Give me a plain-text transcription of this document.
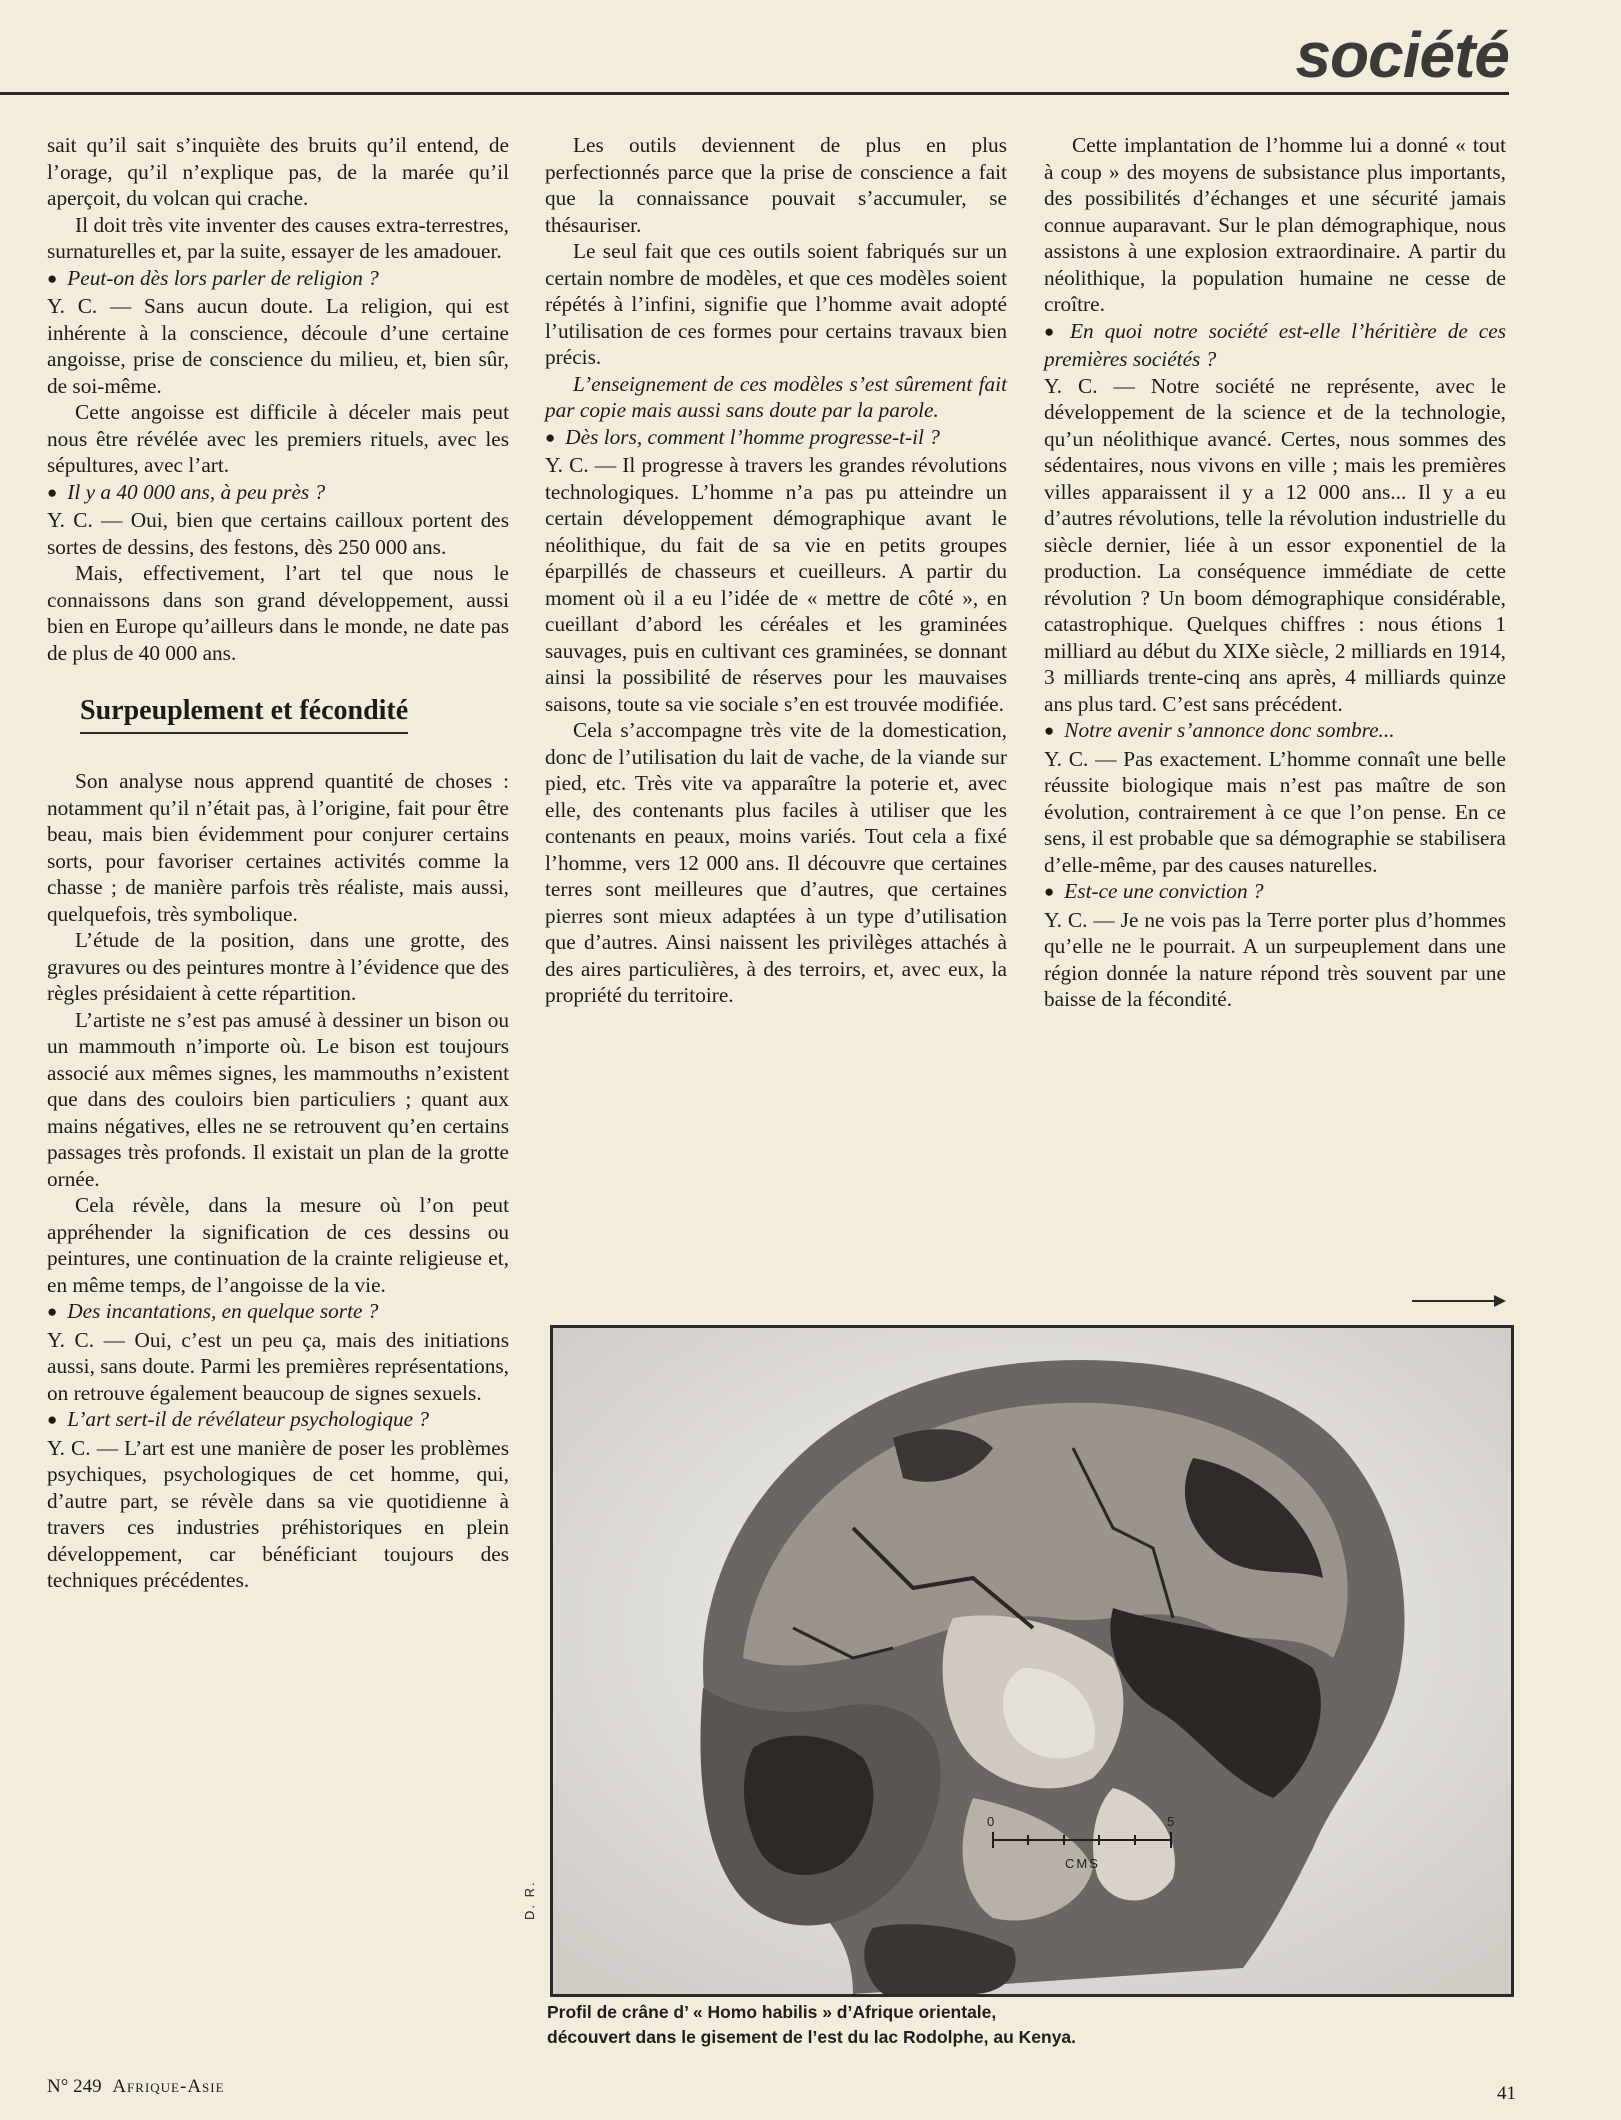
société

sait qu’il sait s’inquiète des bruits qu’il entend, de l’orage, qu’il n’explique pas, de la marée qu’il aperçoit, du volcan qui crache.

Il doit très vite inventer des causes extra-terrestres, surnaturelles et, par la suite, essayer de les amadouer.

● Peut-on dès lors parler de religion ?

Y. C. — Sans aucun doute. La religion, qui est inhérente à la conscience, découle d’une certaine angoisse, prise de conscience du milieu, et, bien sûr, de soi-même.

Cette angoisse est difficile à déceler mais peut nous être révélée avec les premiers rituels, avec les sépultures, avec l’art.

● Il y a 40 000 ans, à peu près ?

Y. C. — Oui, bien que certains cailloux portent des sortes de dessins, des festons, dès 250 000 ans.

Mais, effectivement, l’art tel que nous le connaissons dans son grand développement, aussi bien en Europe qu’ailleurs dans le monde, ne date pas de plus de 40 000 ans.

Surpeuplement et fécondité

Son analyse nous apprend quantité de choses : notamment qu’il n’était pas, à l’origine, fait pour être beau, mais bien évidemment pour conjurer certains sorts, pour favoriser certaines activités comme la chasse ; de manière parfois très réaliste, mais aussi, quelquefois, très symbolique.

L’étude de la position, dans une grotte, des gravures ou des peintures montre à l’évidence que des règles présidaient à cette répartition.

L’artiste ne s’est pas amusé à dessiner un bison ou un mammouth n’importe où. Le bison est toujours associé aux mêmes signes, les mammouths n’existent que dans des couloirs bien particuliers ; quant aux mains négatives, elles ne se retrouvent qu’en certains passages très profonds. Il existait un plan de la grotte ornée.

Cela révèle, dans la mesure où l’on peut appréhender la signification de ces dessins ou peintures, une continuation de la crainte religieuse et, en même temps, de l’angoisse de la vie.

● Des incantations, en quelque sorte ?

Y. C. — Oui, c’est un peu ça, mais des initiations aussi, sans doute. Parmi les premières représentations, on retrouve également beaucoup de signes sexuels.

● L’art sert-il de révélateur psychologique ?

Y. C. — L’art est une manière de poser les problèmes psychiques, psychologiques de cet homme, qui, d’autre part, se révèle dans sa vie quotidienne à travers ces industries préhistoriques en plein développement, car bénéficiant toujours des techniques précédentes.

Les outils deviennent de plus en plus perfectionnés parce que la prise de conscience a fait que la connaissance pouvait s’accumuler, se thésauriser.

Le seul fait que ces outils soient fabriqués sur un certain nombre de modèles, et que ces modèles soient répétés à l’infini, signifie que l’homme avait adopté l’utilisation de ces formes pour certains travaux bien précis.

L’enseignement de ces modèles s’est sûrement fait par copie mais aussi sans doute par la parole.

● Dès lors, comment l’homme progresse-t-il ?

Y. C. — Il progresse à travers les grandes révolutions technologiques. L’homme n’a pas pu atteindre un certain développement démographique avant le néolithique, du fait de sa vie en petits groupes éparpillés de chasseurs et cueilleurs. A partir du moment où il a eu l’idée de « mettre de côté », en cueillant d’abord les céréales et les graminées sauvages, puis en cultivant ces graminées, se donnant ainsi la possibilité de réserves pour les mauvaises saisons, toute sa vie sociale s’en est trouvée modifiée.

Cela s’accompagne très vite de la domestication, donc de l’utilisation du lait de vache, de la viande sur pied, etc. Très vite va apparaître la poterie et, avec elle, des contenants plus faciles à utiliser que les contenants en peaux, moins variés. Tout cela a fixé l’homme, vers 12 000 ans. Il découvre que certaines terres sont meilleures que d’autres, que certaines pierres sont mieux adaptées à un type d’utilisation que d’autres. Ainsi naissent les privilèges attachés à des aires particulières, à des terroirs, et, avec eux, la propriété du territoire.

Cette implantation de l’homme lui a donné « tout à coup » des moyens de subsistance plus importants, des possibilités d’échanges et une sécurité jamais connue auparavant. Sur le plan démographique, nous assistons à une explosion extraordinaire. A partir du néolithique, la population humaine ne cesse de croître.

● En quoi notre société est-elle l’héritière de ces premières sociétés ?

Y. C. — Notre société ne représente, avec le développement de la science et de la technologie, qu’un néolithique avancé. Certes, nous sommes des sédentaires, nous vivons en ville ; mais les premières villes apparaissent il y a 12 000 ans... Il y a eu d’autres révolutions, telle la révolution industrielle du siècle dernier, liée à un essor exponentiel de la production. La conséquence immédiate de cette révolution ? Un boom démographique considérable, catastrophique. Quelques chiffres : nous étions 1 milliard au début du XIXe siècle, 2 milliards en 1914, 3 milliards trente-cinq ans après, 4 milliards quinze ans plus tard. C’est sans précédent.

● Notre avenir s’annonce donc sombre...

Y. C. — Pas exactement. L’homme connaît une belle réussite biologique mais n’est pas maître de son évolution, contrairement à ce que l’on pense. En ce sens, il est probable que sa démographie se stabilisera d’elle-même, par des causes naturelles.

● Est-ce une conviction ?

Y. C. — Je ne vois pas la Terre porter plus d’hommes qu’elle ne le pourrait. A un surpeuplement dans une région donnée la nature répond très souvent par une baisse de la fécondité.

0	5
CMS
D. R.
Profil de crâne d’ « Homo habilis » d’Afrique orientale,
découvert dans le gisement de l’est du lac Rodolphe, au Kenya.
N° 249 Afrique-Asie	41
